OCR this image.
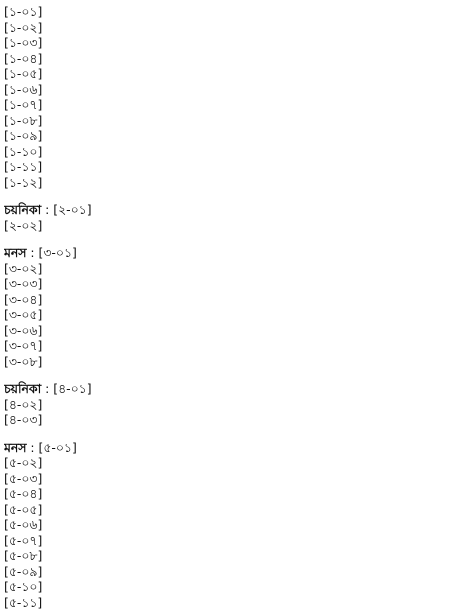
[১-০১]
[১-০২]
[১-০৩]
[১-০৪]
[১-০৫]
[১-০৬]
[১-০৭]
[১-০৮]
[১-০৯]
[১-১০]
[১-১১]
[১-১২]
চয়নিকা : [২-০১]
[২-০২]
মনস : [৩-০১]
[৩-০২]
[৩-০৩]
[৩-০৪]
[৩-০৫]
[৩-০৬]
[৩-০৭]
[৩-০৮]
চয়নিকা : [৪-০১]
[৪-০২]
[৪-০৩]
মনস : [৫-০১]
[৫-০২]
[৫-০৩]
[৫-০৪]
[৫-০৫]
[৫-০৬]
[৫-০৭]
[৫-০৮]
[৫-০৯]
[৫-১০]
[৫-১১]
